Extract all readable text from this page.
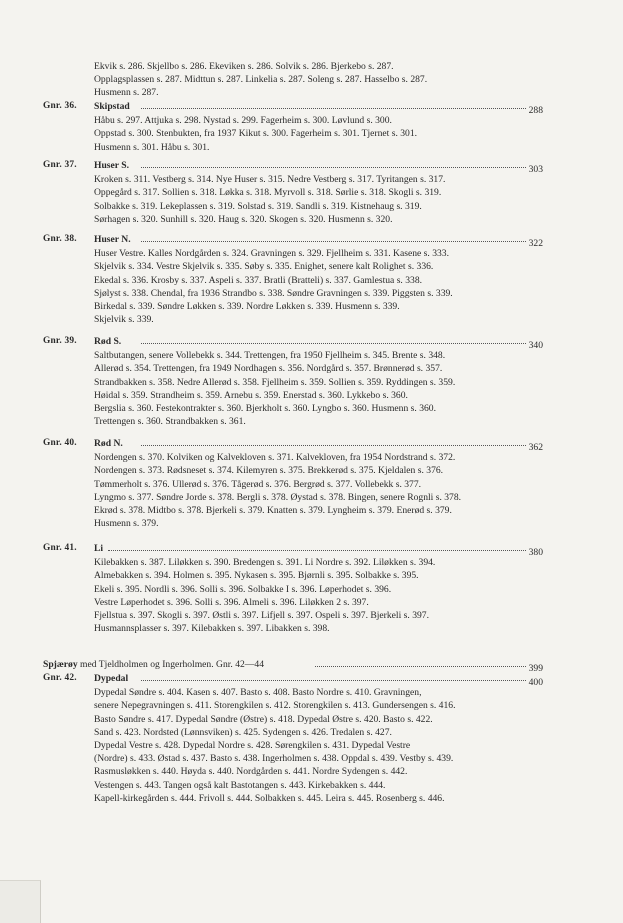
Ekvik s. 286. Skjellbo s. 286. Ekeviken s. 286. Solvik s. 286. Bjerkebo s. 287.
Opplagsplassen s. 287. Midttun s. 287. Linkelia s. 287. Soleng s. 287. Hasselbo s. 287.
Husmenn s. 287.
Gnr. 36. Skipstad	288
Håbu s. 297. Attjuka s. 298. Nystad s. 299. Fagerheim s. 300. Løvlund s. 300.
Oppstad s. 300. Stenbukten, fra 1937 Kikut s. 300. Fagerheim s. 301. Tjernet s. 301.
Husmenn s. 301. Håbu s. 301.
Gnr. 37. Huser S.	303
Kroken s. 311. Vestberg s. 314. Nye Huser s. 315. Nedre Vestberg s. 317. Tyritangen s. 317.
Oppegård s. 317. Sollien s. 318. Løkka s. 318. Myrvoll s. 318. Sørlie s. 318. Skogli s. 319.
Solbakke s. 319. Lekeplassen s. 319. Solstad s. 319. Sandli s. 319. Kistnehaug s. 319.
Sørhagen s. 320. Sunhill s. 320. Haug s. 320. Skogen s. 320. Husmenn s. 320.
Gnr. 38. Huser N.	322
Huser Vestre. Kalles Nordgården s. 324. Gravningen s. 329. Fjellheim s. 331. Kasene s. 333.
Skjelvik s. 334. Vestre Skjelvik s. 335. Søby s. 335. Enighet, senere kalt Rolighet s. 336.
Ekedal s. 336. Krosby s. 337. Aspeli s. 337. Bratli (Bratteli) s. 337. Gamlestua s. 338.
Sjølyst s. 338. Chendal, fra 1936 Strandbo s. 338. Søndre Gravningen s. 339. Piggsten s. 339.
Birkedal s. 339. Søndre Løkken s. 339. Nordre Løkken s. 339. Husmenn s. 339.
Skjelvik s. 339.
Gnr. 39. Rød S.	340
Saltbutangen, senere Vollebekk s. 344. Trettengen, fra 1950 Fjellheim s. 345. Brente s. 348.
Allerød s. 354. Trettengen, fra 1949 Nordhagen s. 356. Nordgård s. 357. Brønnerød s. 357.
Strandbakken s. 358. Nedre Allerød s. 358. Fjellheim s. 359. Sollien s. 359. Ryddingen s. 359.
Høidal s. 359. Strandheim s. 359. Arnebu s. 359. Enerstad s. 360. Lykkebo s. 360.
Bergslia s. 360. Festekontrakter s. 360. Bjerkholt s. 360. Lyngbo s. 360. Husmenn s. 360.
Trettengen s. 360. Strandbakken s. 361.
Gnr. 40. Rød N.	362
Nordengen s. 370. Kolviken og Kalvekloven s. 371. Kalvekloven, fra 1954 Nordstrand s. 372.
Nordengen s. 373. Rødsneset s. 374. Kilemyren s. 375. Brekkerød s. 375. Kjeldalen s. 376.
Tømmerholt s. 376. Ullerød s. 376. Tågerød s. 376. Bergrød s. 377. Vollebekk s. 377.
Lyngmo s. 377. Søndre Jorde s. 378. Bergli s. 378. Øystad s. 378. Bingen, senere Rognli s. 378.
Ekrød s. 378. Midtbo s. 378. Bjerkeli s. 379. Knatten s. 379. Lyngheim s. 379. Enerød s. 379.
Husmenn s. 379.
Gnr. 41. Li	380
Kilebakken s. 387. Liløkken s. 390. Bredengen s. 391. Li Nordre s. 392. Liløkken s. 394.
Almebakken s. 394. Holmen s. 395. Nykasen s. 395. Bjørnli s. 395. Solbakke s. 395.
Ekeli s. 395. Nordli s. 396. Solli s. 396. Solbakke I s. 396. Løperhodet s. 396.
Vestre Løperhodet s. 396. Solli s. 396. Almeli s. 396. Liløkken 2 s. 397.
Fjellstua s. 397. Skogli s. 397. Østli s. 397. Lifjell s. 397. Ospeli s. 397. Bjerkeli s. 397.
Husmannsplasser s. 397. Kilebakken s. 397. Libakken s. 398.
Spjærøy med Tjeldholmen og Ingerholmen. Gnr. 42—44	399
Gnr. 42. Dypedal	400
Dypedal Søndre s. 404. Kasen s. 407. Basto s. 408. Basto Nordre s. 410. Gravningen,
senere Nepegravningen s. 411. Storengkilen s. 412. Storengkilen s. 413. Gundersengen s. 416.
Basto Søndre s. 417. Dypedal Søndre (Østre) s. 418. Dypedal Østre s. 420. Basto s. 422.
Sand s. 423. Nordsted (Lønnsviken) s. 425. Sydengen s. 426. Tredalen s. 427.
Dypedal Vestre s. 428. Dypedal Nordre s. 428. Sørengkilen s. 431. Dypedal Vestre
(Nordre) s. 433. Østad s. 437. Basto s. 438. Ingerholmen s. 438. Oppdal s. 439. Vestby s. 439.
Rasmusløkken s. 440. Høyda s. 440. Nordgården s. 441. Nordre Sydengen s. 442.
Vestengen s. 443. Tangen også kalt Bastotangen s. 443. Kirkebakken s. 444.
Kapell-kirkegården s. 444. Frivoll s. 444. Solbakken s. 445. Leira s. 445. Rosenberg s. 446.
